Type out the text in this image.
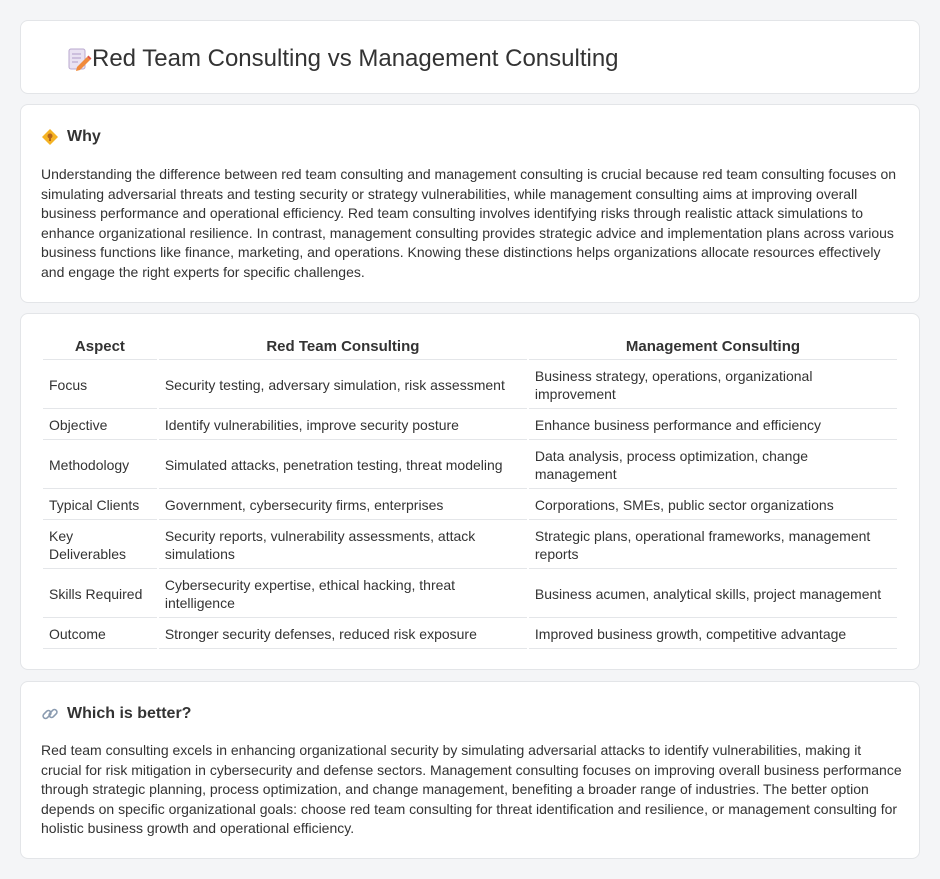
Red Team Consulting vs Management Consulting
Why

Understanding the difference between red team consulting and management consulting is crucial because red team consulting focuses on simulating adversarial threats and testing security or strategy vulnerabilities, while management consulting aims at improving overall business performance and operational efficiency. Red team consulting involves identifying risks through realistic attack simulations to enhance organizational resilience. In contrast, management consulting provides strategic advice and implementation plans across various business functions like finance, marketing, and operations. Knowing these distinctions helps organizations allocate resources effectively and engage the right experts for specific challenges.

Aspect	Red Team Consulting	Management Consulting
Focus	Security testing, adversary simulation, risk assessment	Business strategy, operations, organizational improvement
Objective	Identify vulnerabilities, improve security posture	Enhance business performance and efficiency
Methodology	Simulated attacks, penetration testing, threat modeling	Data analysis, process optimization, change management
Typical Clients	Government, cybersecurity firms, enterprises	Corporations, SMEs, public sector organizations
Key Deliverables	Security reports, vulnerability assessments, attack simulations	Strategic plans, operational frameworks, management reports
Skills Required	Cybersecurity expertise, ethical hacking, threat intelligence	Business acumen, analytical skills, project management
Outcome	Stronger security defenses, reduced risk exposure	Improved business growth, competitive advantage
Which is better?

Red team consulting excels in enhancing organizational security by simulating adversarial attacks to identify vulnerabilities, making it crucial for risk mitigation in cybersecurity and defense sectors. Management consulting focuses on improving overall business performance through strategic planning, process optimization, and change management, benefiting a broader range of industries. The better option depends on specific organizational goals: choose red team consulting for threat identification and resilience, or management consulting for holistic business growth and operational efficiency.
